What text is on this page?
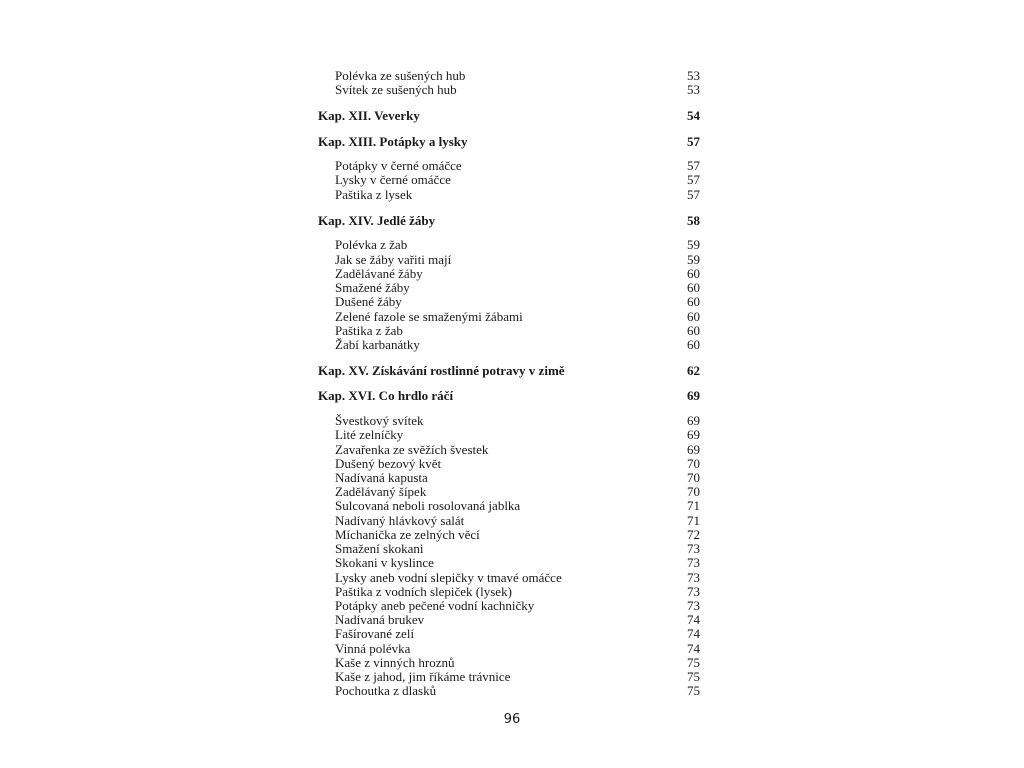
Polévka ze sušených hub	53
Svítek ze sušených hub	53
Kap. XII. Veverky	54
Kap. XIII. Potápky a lysky	57
Potápky v černé omáčce	57
Lysky v černé omáčce	57
Paštika z lysek	57
Kap. XIV. Jedlé žáby	58
Polévka z žab	59
Jak se žáby vařiti mají	59
Zadělávané žáby	60
Smažené žáby	60
Dušené žáby	60
Zelené fazole se smaženými žábami	60
Paštika z žab	60
Žabí karbanátky	60
Kap. XV. Získávání rostlinné potravy v zimě	62
Kap. XVI. Co hrdlo ráčí	69
Švestkový svítek	69
Lité zelníčky	69
Zavařenka ze svěžích švestek	69
Dušený bezový květ	70
Nadívaná kapusta	70
Zadělávaný šípek	70
Sulcovaná neboli rosolovaná jablka	71
Nadívaný hlávkový salát	71
Míchanička ze zelných věcí	72
Smažení skokani	73
Skokani v kyslince	73
Lysky aneb vodní slepičky v tmavé omáčce	73
Paštika z vodních slepiček (lysek)	73
Potápky aneb pečené vodní kachničky	73
Nadívaná brukev	74
Fašírované zelí	74
Vinná polévka	74
Kaše z vinných hroznů	75
Kaše z jahod, jim říkáme trávnice	75
Pochoutka z dlasků	75
96
